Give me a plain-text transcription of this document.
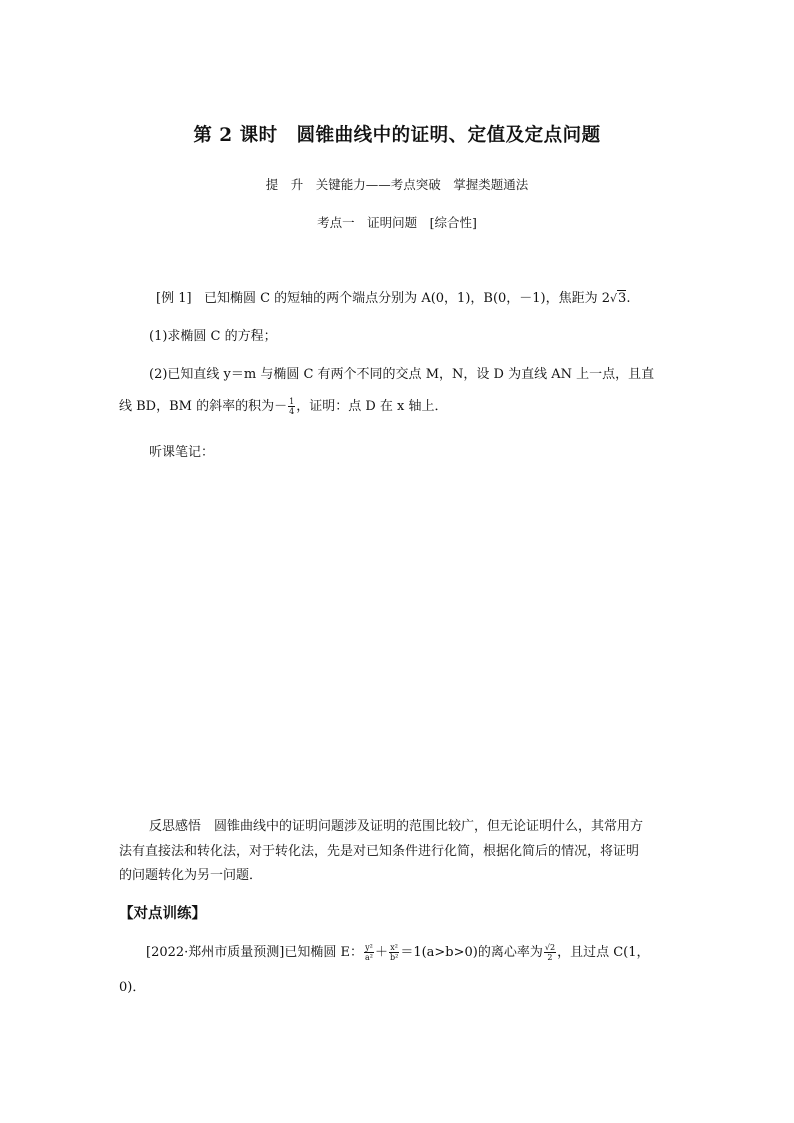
第 2 课时　圆锥曲线中的证明、定值及定点问题
提　升　关键能力——考点突破　掌握类题通法
考点一　证明问题　[综合性]
[例 1] 已知椭圆 C 的短轴的两个端点分别为 A(0，1)，B(0，－1)，焦距为 2√3.
(1)求椭圆 C 的方程；
(2)已知直线 y＝m 与椭圆 C 有两个不同的交点 M，N，设 D 为直线 AN 上一点，且直
线 BD，BM 的斜率的积为－ $\frac{1}{4}$ ，证明：点 D 在 x 轴上．
听课笔记：
反思感悟　圆锥曲线中的证明问题涉及证明的范围比较广，但无论证明什么，其常用方
法有直接法和转化法，对于转化法，先是对已知条件进行化简，根据化简后的情况，将证明
的问题转化为另一问题．
【对点训练】
[2022·郑州市质量预测]已知椭圆 E： $\frac{\text{y²}}{\text{a²}} + \frac{\text{x²}}{\text{b²}} =1(a>b>0)$的离心率为 $\frac{√2}{2}$ ，且过点 C(1，
0)．
